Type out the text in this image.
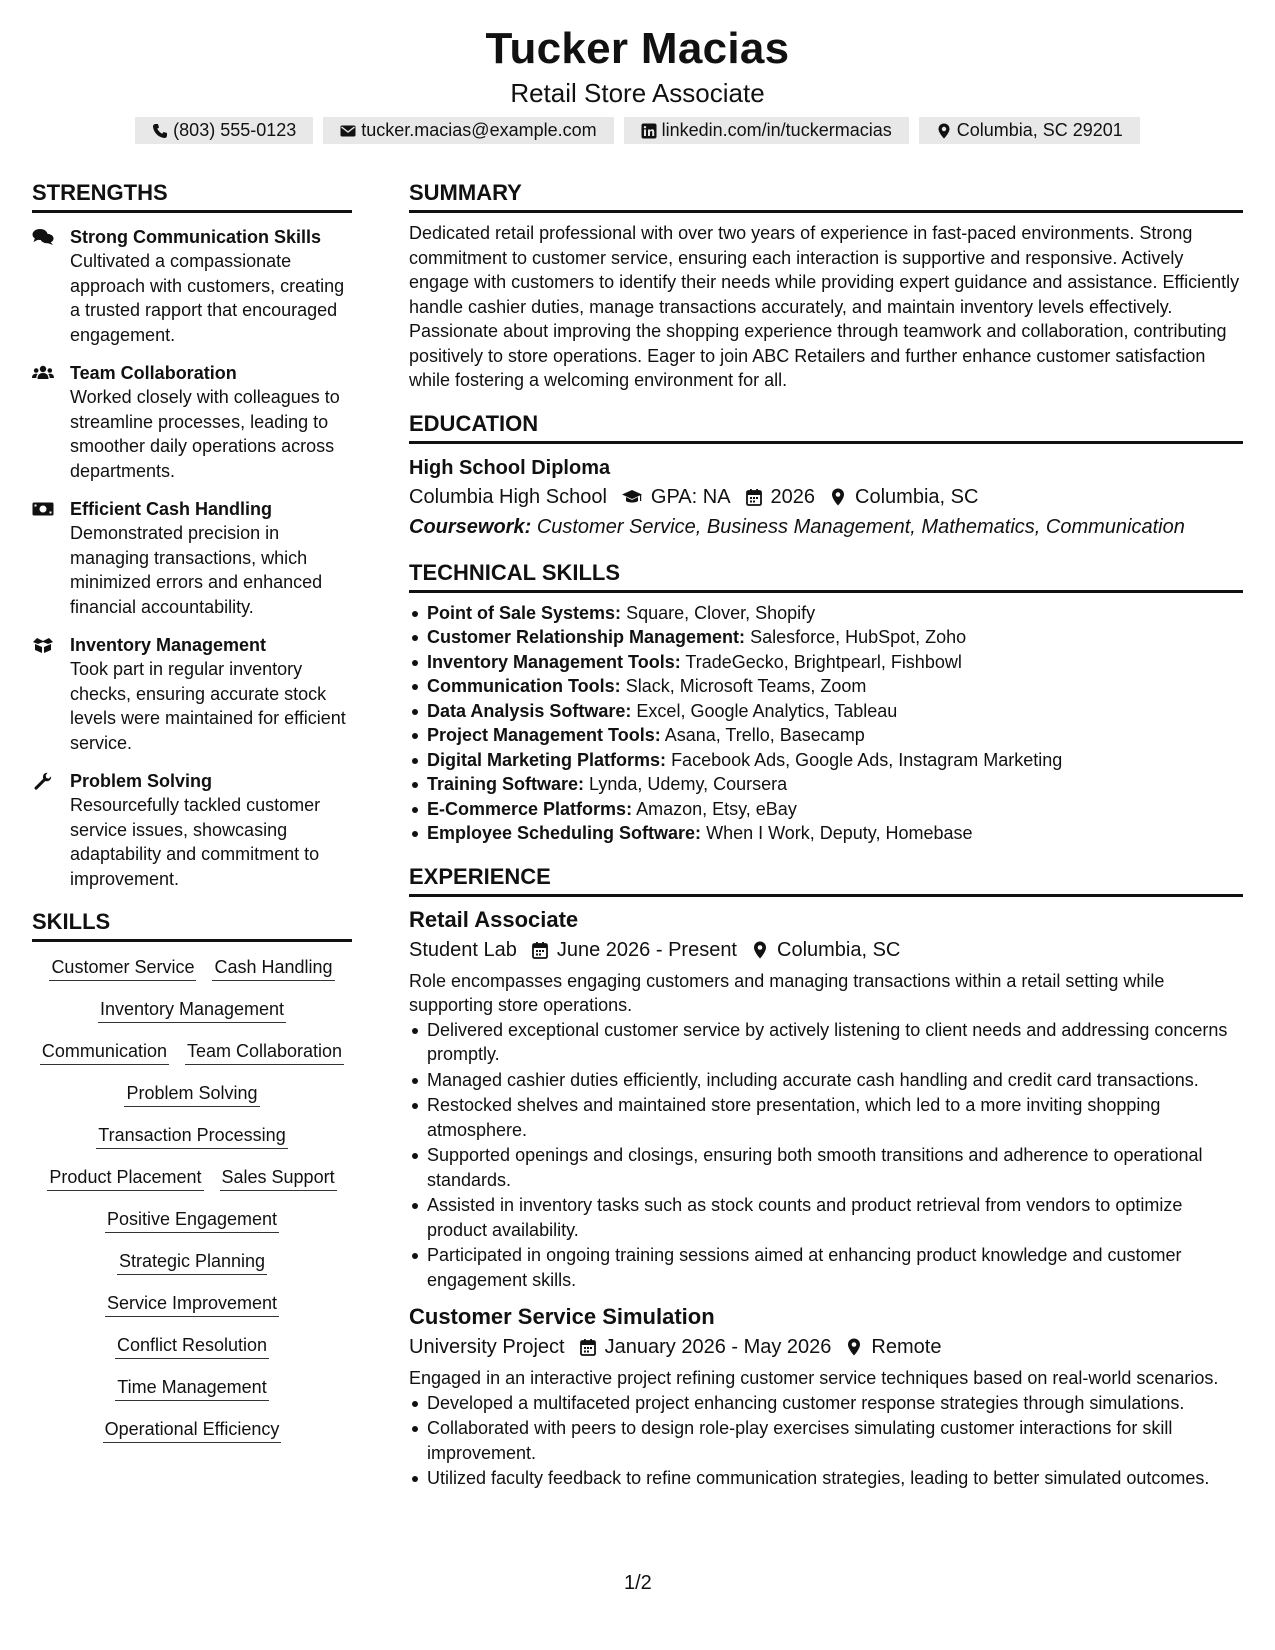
Tucker Macias
Retail Store Associate
(803) 555-0123	tucker.macias@example.com	linkedin.com/in/tuckermacias	Columbia, SC 29201
STRENGTHS
Strong Communication Skills
Cultivated a compassionate approach with customers, creating a trusted rapport that encouraged engagement.
Team Collaboration
Worked closely with colleagues to streamline processes, leading to smoother daily operations across departments.
Efficient Cash Handling
Demonstrated precision in managing transactions, which minimized errors and enhanced financial accountability.
Inventory Management
Took part in regular inventory checks, ensuring accurate stock levels were maintained for efficient service.
Problem Solving
Resourcefully tackled customer service issues, showcasing adaptability and commitment to improvement.
SKILLS
Customer Service Cash Handling
Inventory Management
Communication Team Collaboration
Problem Solving
Transaction Processing
Product Placement Sales Support
Positive Engagement
Strategic Planning
Service Improvement
Conflict Resolution
Time Management
Operational Efficiency
SUMMARY
Dedicated retail professional with over two years of experience in fast-paced environments. Strong commitment to customer service, ensuring each interaction is supportive and responsive. Actively engage with customers to identify their needs while providing expert guidance and assistance. Efficiently handle cashier duties, manage transactions accurately, and maintain inventory levels effectively. Passionate about improving the shopping experience through teamwork and collaboration, contributing positively to store operations. Eager to join ABC Retailers and further enhance customer satisfaction while fostering a welcoming environment for all.
EDUCATION
High School Diploma
Columbia High School GPA: NA 2026 Columbia, SC
Coursework: Customer Service, Business Management, Mathematics, Communication
TECHNICAL SKILLS
Point of Sale Systems: Square, Clover, Shopify
Customer Relationship Management: Salesforce, HubSpot, Zoho
Inventory Management Tools: TradeGecko, Brightpearl, Fishbowl
Communication Tools: Slack, Microsoft Teams, Zoom
Data Analysis Software: Excel, Google Analytics, Tableau
Project Management Tools: Asana, Trello, Basecamp
Digital Marketing Platforms: Facebook Ads, Google Ads, Instagram Marketing
Training Software: Lynda, Udemy, Coursera
E-Commerce Platforms: Amazon, Etsy, eBay
Employee Scheduling Software: When I Work, Deputy, Homebase
EXPERIENCE
Retail Associate
Student Lab June 2026 - Present Columbia, SC
Role encompasses engaging customers and managing transactions within a retail setting while supporting store operations.
Delivered exceptional customer service by actively listening to client needs and addressing concerns promptly.
Managed cashier duties efficiently, including accurate cash handling and credit card transactions.
Restocked shelves and maintained store presentation, which led to a more inviting shopping atmosphere.
Supported openings and closings, ensuring both smooth transitions and adherence to operational standards.
Assisted in inventory tasks such as stock counts and product retrieval from vendors to optimize product availability.
Participated in ongoing training sessions aimed at enhancing product knowledge and customer engagement skills.
Customer Service Simulation
University Project January 2026 - May 2026 Remote
Engaged in an interactive project refining customer service techniques based on real-world scenarios.
Developed a multifaceted project enhancing customer response strategies through simulations.
Collaborated with peers to design role-play exercises simulating customer interactions for skill improvement.
Utilized faculty feedback to refine communication strategies, leading to better simulated outcomes.
1/2
